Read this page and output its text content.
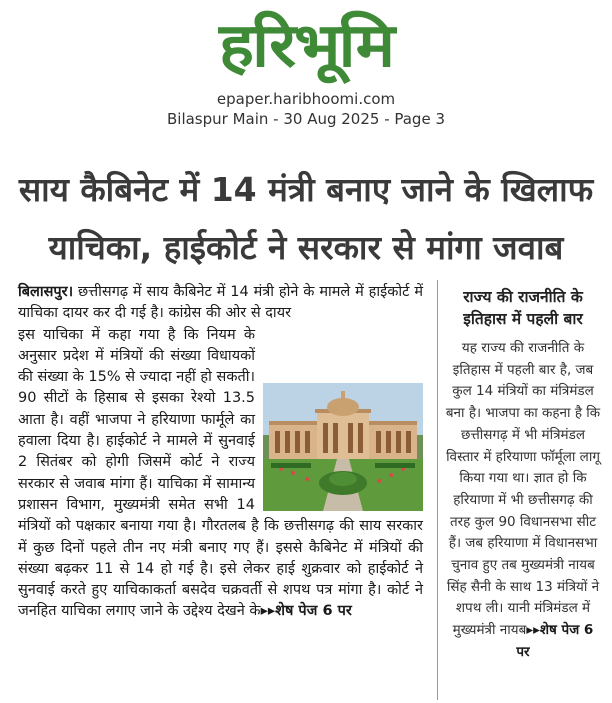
हरिभूमि
epaper.haribhoomi.com
Bilaspur Main - 30 Aug 2025 - Page 3
साय कैबिनेट में 14 मंत्री बनाए जाने के खिलाफ
याचिका, हाईकोर्ट ने सरकार से मांगा जवाब

बिलासपुर। छत्तीसगढ़ में साय कैबिनेट में 14 मंत्री होने के मामले में हाईकोर्ट में याचिका दायर कर दी गई है। कांग्रेस की ओर से दायर

इस याचिका में कहा गया है कि नियम के अनुसार प्रदेश में मंत्रियों की संख्या विधायकों की संख्या के 15% से ज्यादा नहीं हो सकती। 90 सीटों के हिसाब से इसका रेश्यो 13.5 आता है। वहीं भाजपा ने हरियाणा फार्मूले का हवाला दिया है। हाईकोर्ट ने मामले में सुनवाई 2 सितंबर को होगी जिसमें कोर्ट ने राज्य सरकार से जवाब मांगा हैं। याचिका में सामान्य प्रशासन विभाग, मुख्यमंत्री समेत सभी 14 मंत्रियों को पक्षकार बनाया गया है। गौरतलब है कि छत्तीसगढ़ की साय सरकार में कुछ दिनों पहले तीन नए मंत्री बनाए गए हैं। इससे कैबिनेट में मंत्रियों की संख्या बढ़कर 11 से 14 हो गई है। इसे लेकर हाई शुक्रवार को हाईकोर्ट ने सुनवाई करते हुए याचिकाकर्ता बसदेव चक्रवर्ती से शपथ पत्र मांगा है। कोर्ट ने जनहित याचिका लगाए जाने के उद्देश्य देखने के▸▸शेष पेज 6 पर

राज्य की राजनीति के इतिहास में पहली बार
यह राज्य की राजनीति के इतिहास में पहली बार है, जब कुल 14 मंत्रियों का मंत्रिमंडल बना है। भाजपा का कहना है कि छत्तीसगढ़ में भी मंत्रिमंडल विस्तार में हरियाणा फॉर्मूला लागू किया गया था। ज्ञात हो कि हरियाणा में भी छत्तीसगढ़ की तरह कुल 90 विधानसभा सीट हैं। जब हरियाणा में विधानसभा चुनाव हुए तब मुख्यमंत्री नायब सिंह सैनी के साथ 13 मंत्रियों ने शपथ ली। यानी मंत्रिमंडल में मुख्यमंत्री नायब▸▸शेष पेज 6 पर
